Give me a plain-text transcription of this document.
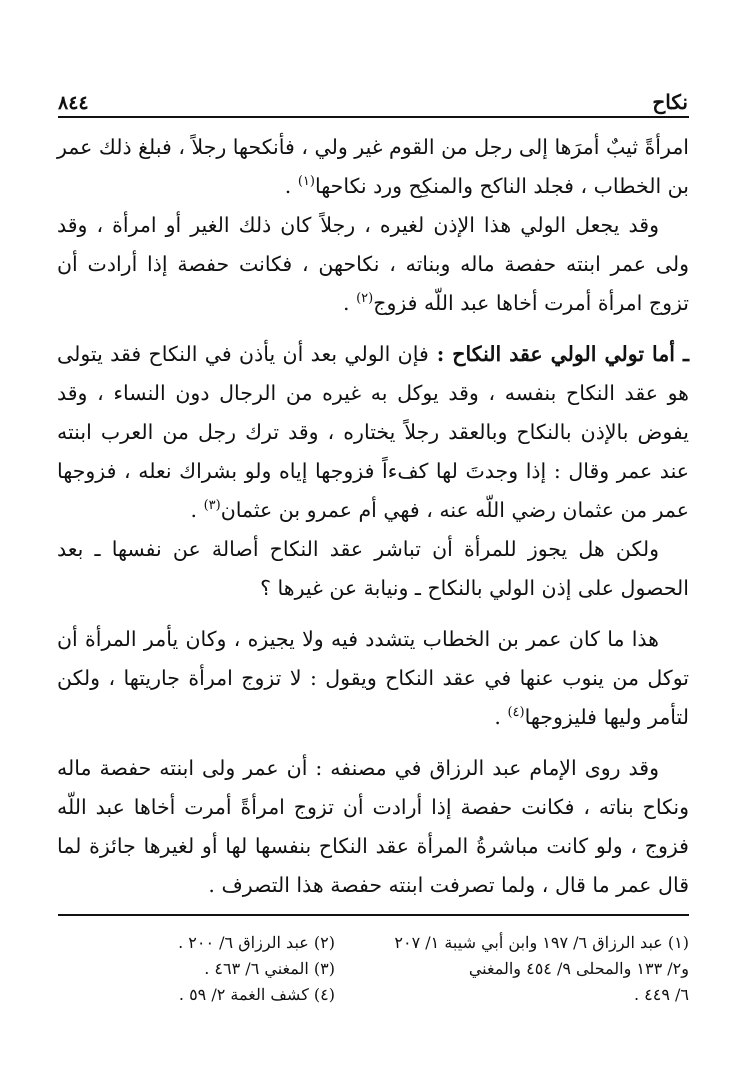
نكاح
٨٤٤

امرأةً ثيبٌ أمرَها إلى رجل من القوم غير ولي ، فأنكحها رجلاً ، فبلغ ذلك عمر بن الخطاب ، فجلد الناكح والمنكِح ورد نكاحها$^{(١)}$ .

وقد يجعل الولي هذا الإذن لغيره ، رجلاً كان ذلك الغير أو امرأة ، وقد ولى عمر ابنته حفصة ماله وبناته ، نكاحهن ، فكانت حفصة إذا أرادت أن تزوج امرأة أمرت أخاها عبد اللّه فزوج$^{(٢)}$ .

ـ أما تولي الولي عقد النكاح : فإن الولي بعد أن يأذن في النكاح فقد يتولى هو عقد النكاح بنفسه ، وقد يوكل به غيره من الرجال دون النساء ، وقد يفوض بالإذن بالنكاح وبالعقد رجلاً يختاره ، وقد ترك رجل من العرب ابنته عند عمر وقال : إذا وجدتَ لها كفءاً فزوجها إياه ولو بشراك نعله ، فزوجها عمر من عثمان رضي اللّه عنه ، فهي أم عمرو بن عثمان$^{(٣)}$ .

ولكن هل يجوز للمرأة أن تباشر عقد النكاح أصالة عن نفسها ـ بعد الحصول على إذن الولي بالنكاح ـ ونيابة عن غيرها ؟

هذا ما كان عمر بن الخطاب يتشدد فيه ولا يجيزه ، وكان يأمر المرأة أن توكل من ينوب عنها في عقد النكاح ويقول : لا تزوج امرأة جاريتها ، ولكن لتأمر وليها فليزوجها$^{(٤)}$ .

وقد روى الإمام عبد الرزاق في مصنفه : أن عمر ولى ابنته حفصة ماله ونكاح بناته ، فكانت حفصة إذا أرادت أن تزوج امرأةً أمرت أخاها عبد اللّه فزوج ، ولو كانت مباشرةُ المرأة عقد النكاح بنفسها لها أو لغيرها جائزة لما قال عمر ما قال ، ولما تصرفت ابنته حفصة هذا التصرف .

(١) عبد الرزاق ٦/ ١٩٧ وابن أبي شيبة ١/ ٢٠٧
و٢/ ١٣٣ والمحلى ٩/ ٤٥٤ والمغني
٦/ ٤٤٩ .
(٢) عبد الرزاق ٦/ ٢٠٠ .
(٣) المغني ٦/ ٤٦٣ .
(٤) كشف الغمة ٢/ ٥٩ .
